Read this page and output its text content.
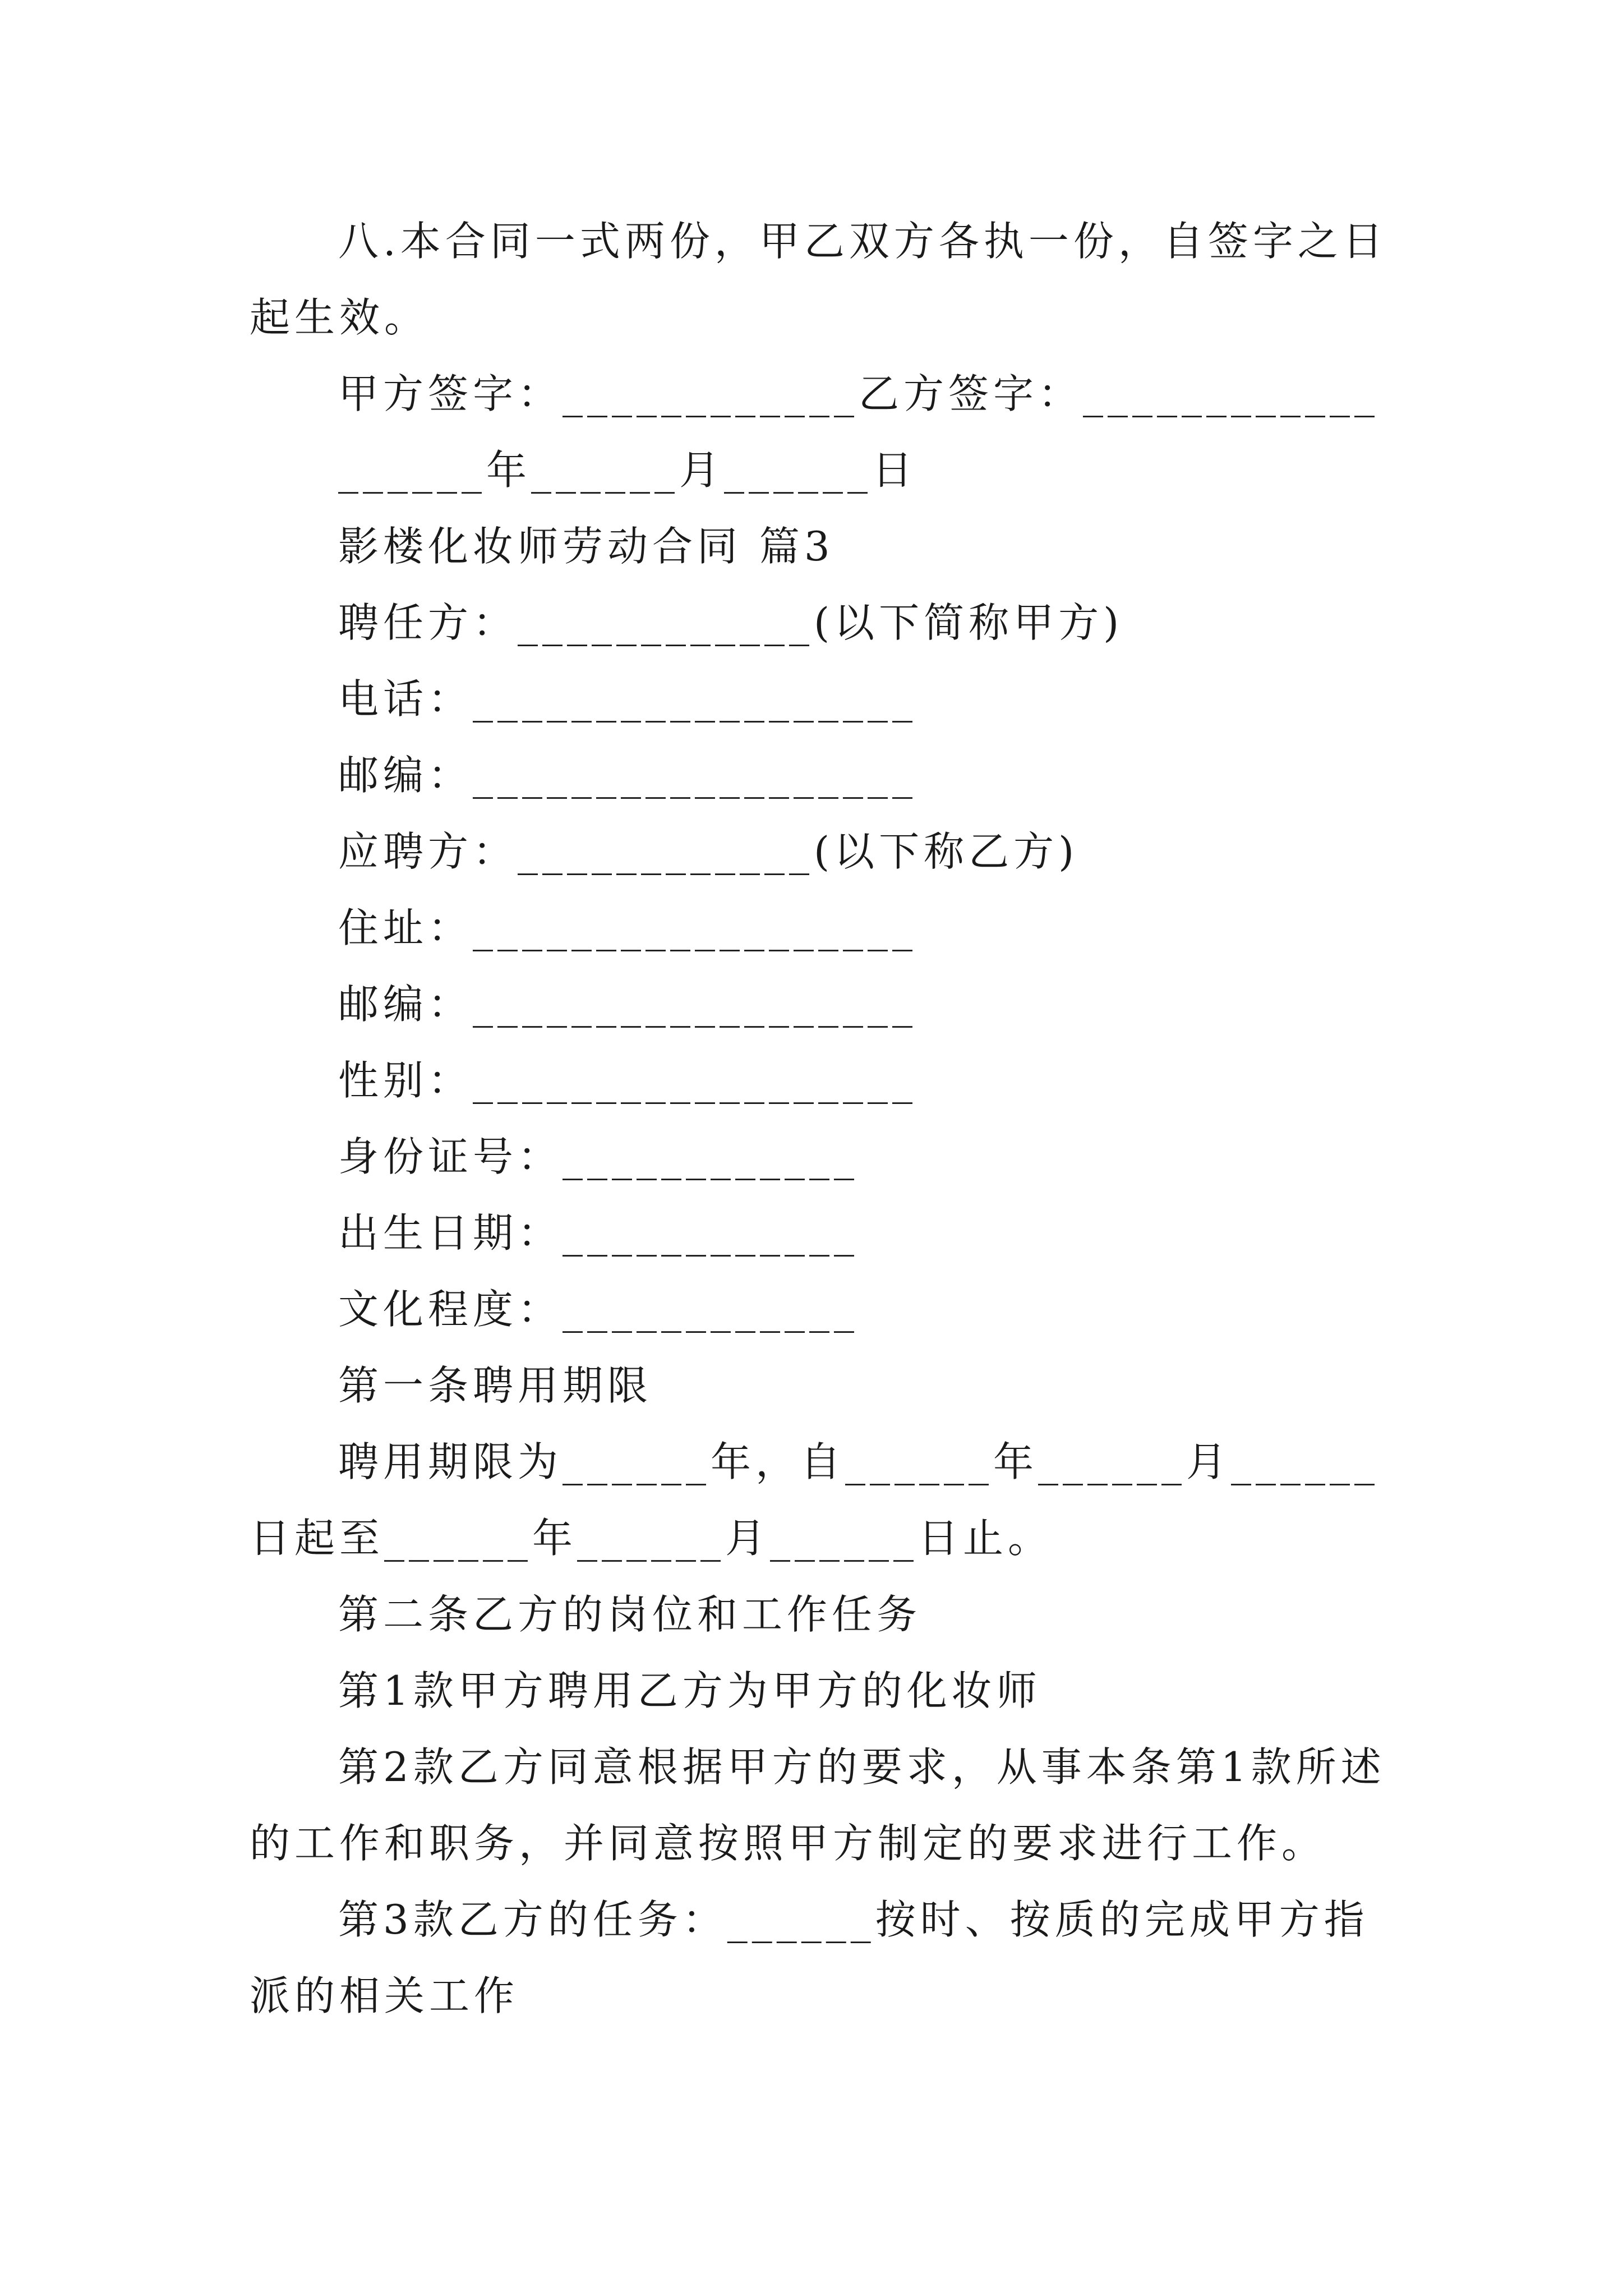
八.本合同一式两份，甲乙双方各执一份，自签字之日起生效。

甲方签字：____________乙方签字：____________

______年______月______日

影楼化妆师劳动合同 篇3

聘任方：____________(以下简称甲方)

电话：__________________

邮编：__________________

应聘方：____________(以下称乙方)

住址：__________________

邮编：__________________

性别：__________________

身份证号：____________

出生日期：____________

文化程度：____________

第一条聘用期限

聘用期限为______年，自______年______月______日起至______年______月______日止。

第二条乙方的岗位和工作任务

第1款甲方聘用乙方为甲方的化妆师

第2款乙方同意根据甲方的要求，从事本条第1款所述的工作和职务，并同意按照甲方制定的要求进行工作。

第3款乙方的任务：______按时、按质的完成甲方指派的相关工作
